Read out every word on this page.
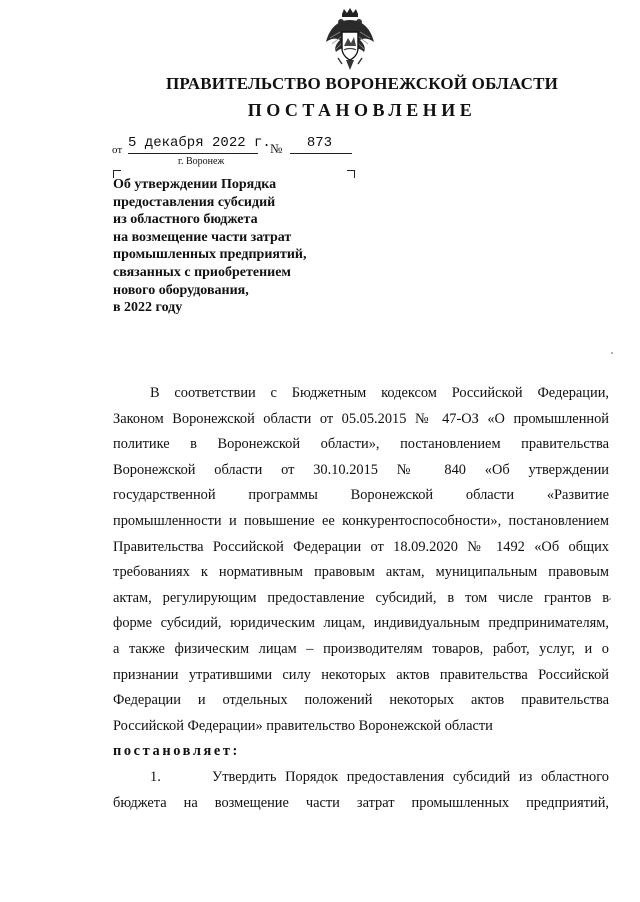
ПРАВИТЕЛЬСТВО ВОРОНЕЖСКОЙ ОБЛАСТИ
ПОСТАНОВЛЕНИЕ
от 5 декабря 2022 г. №	873
г. Воронеж
Об утверждении Порядка
предоставления субсидий
из областного бюджета
на возмещение части затрат
промышленных предприятий,
связанных с приобретением
нового оборудования,
в 2022 году
В соответствии с Бюджетным кодексом Российской Федерации,
Законом Воронежской области от 05.05.2015 № 47-ОЗ «О промышленной
политике в Воронежской области», постановлением правительства
Воронежской области от 30.10.2015 № 840 «Об утверждении
государственной программы Воронежской области «Развитие
промышленности и повышение ее конкурентоспособности», постановлением
Правительства Российской Федерации от 18.09.2020 № 1492 «Об общих
требованиях к нормативным правовым актам, муниципальным правовым
актам, регулирующим предоставление субсидий, в том числе грантов в
форме субсидий, юридическим лицам, индивидуальным предпринимателям,
а также физическим лицам – производителям товаров, работ, услуг, и о
признании утратившими силу некоторых актов правительства Российской
Федерации и отдельных положений некоторых актов правительства
Российской Федерации» правительство Воронежской области
постановляет:
1.	Утвердить Порядок предоставления субсидий из областного
бюджета на возмещение части затрат промышленных предприятий,
